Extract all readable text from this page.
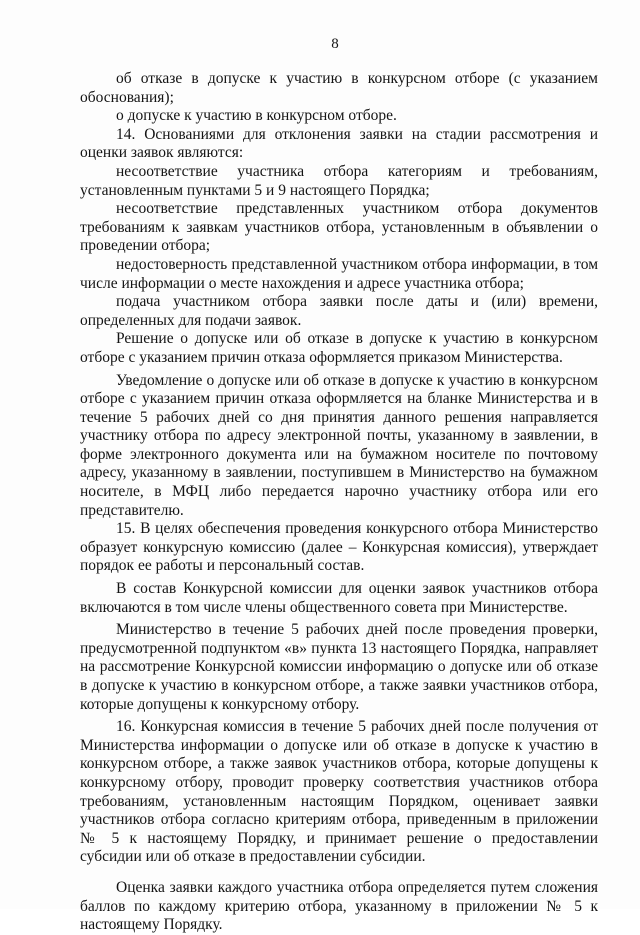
8

об отказе в допуске к участию в конкурсном отборе (с указанием обоснования);

о допуске к участию в конкурсном отборе.

14. Основаниями для отклонения заявки на стадии рассмотрения и оценки заявок являются:

несоответствие участника отбора категориям и требованиям, установленным пунктами 5 и 9 настоящего Порядка;

несоответствие представленных участником отбора документов требованиям к заявкам участников отбора, установленным в объявлении о проведении отбора;

недостоверность представленной участником отбора информации, в том числе информации о месте нахождения и адресе участника отбора;

подача участником отбора заявки после даты и (или) времени, определенных для подачи заявок.

Решение о допуске или об отказе в допуске к участию в конкурсном отборе с указанием причин отказа оформляется приказом Министерства.

Уведомление о допуске или об отказе в допуске к участию в конкурсном отборе с указанием причин отказа оформляется на бланке Министерства и в течение 5 рабочих дней со дня принятия данного решения направляется участнику отбора по адресу электронной почты, указанному в заявлении, в форме электронного документа или на бумажном носителе по почтовому адресу, указанному в заявлении, поступившем в Министерство на бумажном носителе, в МФЦ либо передается нарочно участнику отбора или его представителю.

15. В целях обеспечения проведения конкурсного отбора Министерство образует конкурсную комиссию (далее – Конкурсная комиссия), утверждает порядок ее работы и персональный состав.

В состав Конкурсной комиссии для оценки заявок участников отбора включаются в том числе члены общественного совета при Министерстве.

Министерство в течение 5 рабочих дней после проведения проверки, предусмотренной подпунктом «в» пункта 13 настоящего Порядка, направляет на рассмотрение Конкурсной комиссии информацию о допуске или об отказе в допуске к участию в конкурсном отборе, а также заявки участников отбора, которые допущены к конкурсному отбору.

16. Конкурсная комиссия в течение 5 рабочих дней после получения от Министерства информации о допуске или об отказе в допуске к участию в конкурсном отборе, а также заявок участников отбора, которые допущены к конкурсному отбору, проводит проверку соответствия участников отбора требованиям, установленным настоящим Порядком, оценивает заявки участников отбора согласно критериям отбора, приведенным в приложении № 5 к настоящему Порядку, и принимает решение о предоставлении субсидии или об отказе в предоставлении субсидии.

Оценка заявки каждого участника отбора определяется путем сложения баллов по каждому критерию отбора, указанному в приложении № 5 к настоящему Порядку.
